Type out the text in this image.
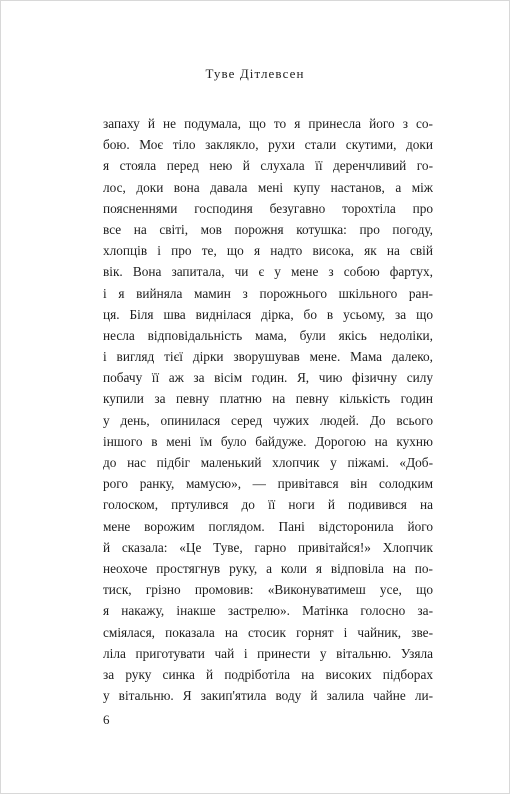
Туве Дітлевсен
запаху й не подумала, що то я принесла його з со-
бою. Моє тіло заклякло, рухи стали скутими, доки
я стояла перед нею й слухала її деренчливий го-
лос, доки вона давала мені купу настанов, а між
поясненнями господиня безугавно торохтіла про
все на світі, мов порожня котушка: про погоду,
хлопців і про те, що я надто висока, як на свій
вік. Вона запитала, чи є у мене з собою фартух,
і я вийняла мамин з порожнього шкільного ран-
ця. Біля шва виднілася дірка, бо в усьому, за що
несла відповідальність мама, були якісь недоліки,
і вигляд тієї дірки зворушував мене. Мама далеко,
побачу її аж за вісім годин. Я, чию фізичну силу
купили за певну платню на певну кількість годин
у день, опинилася серед чужих людей. До всього
іншого в мені їм було байдуже. Дорогою на кухню
до нас підбіг маленький хлопчик у піжамі. «Доб-
рого ранку, мамусю», — привітався він солодким
голоском, пртулився до її ноги й подивився на
мене ворожим поглядом. Пані відсторонила його
й сказала: «Це Туве, гарно привітайся!» Хлопчик
неохоче простягнув руку, а коли я відповіла на по-
тиск, грізно промовив: «Виконуватимеш усе, що
я накажу, інакше застрелю». Матінка голосно за-
сміялася, показала на стосик горнят і чайник, зве-
ліла приготувати чай і принести у вітальню. Узяла
за руку синка й подріботіла на високих підборах
у вітальню. Я закип'ятила воду й залила чайне ли-
6
